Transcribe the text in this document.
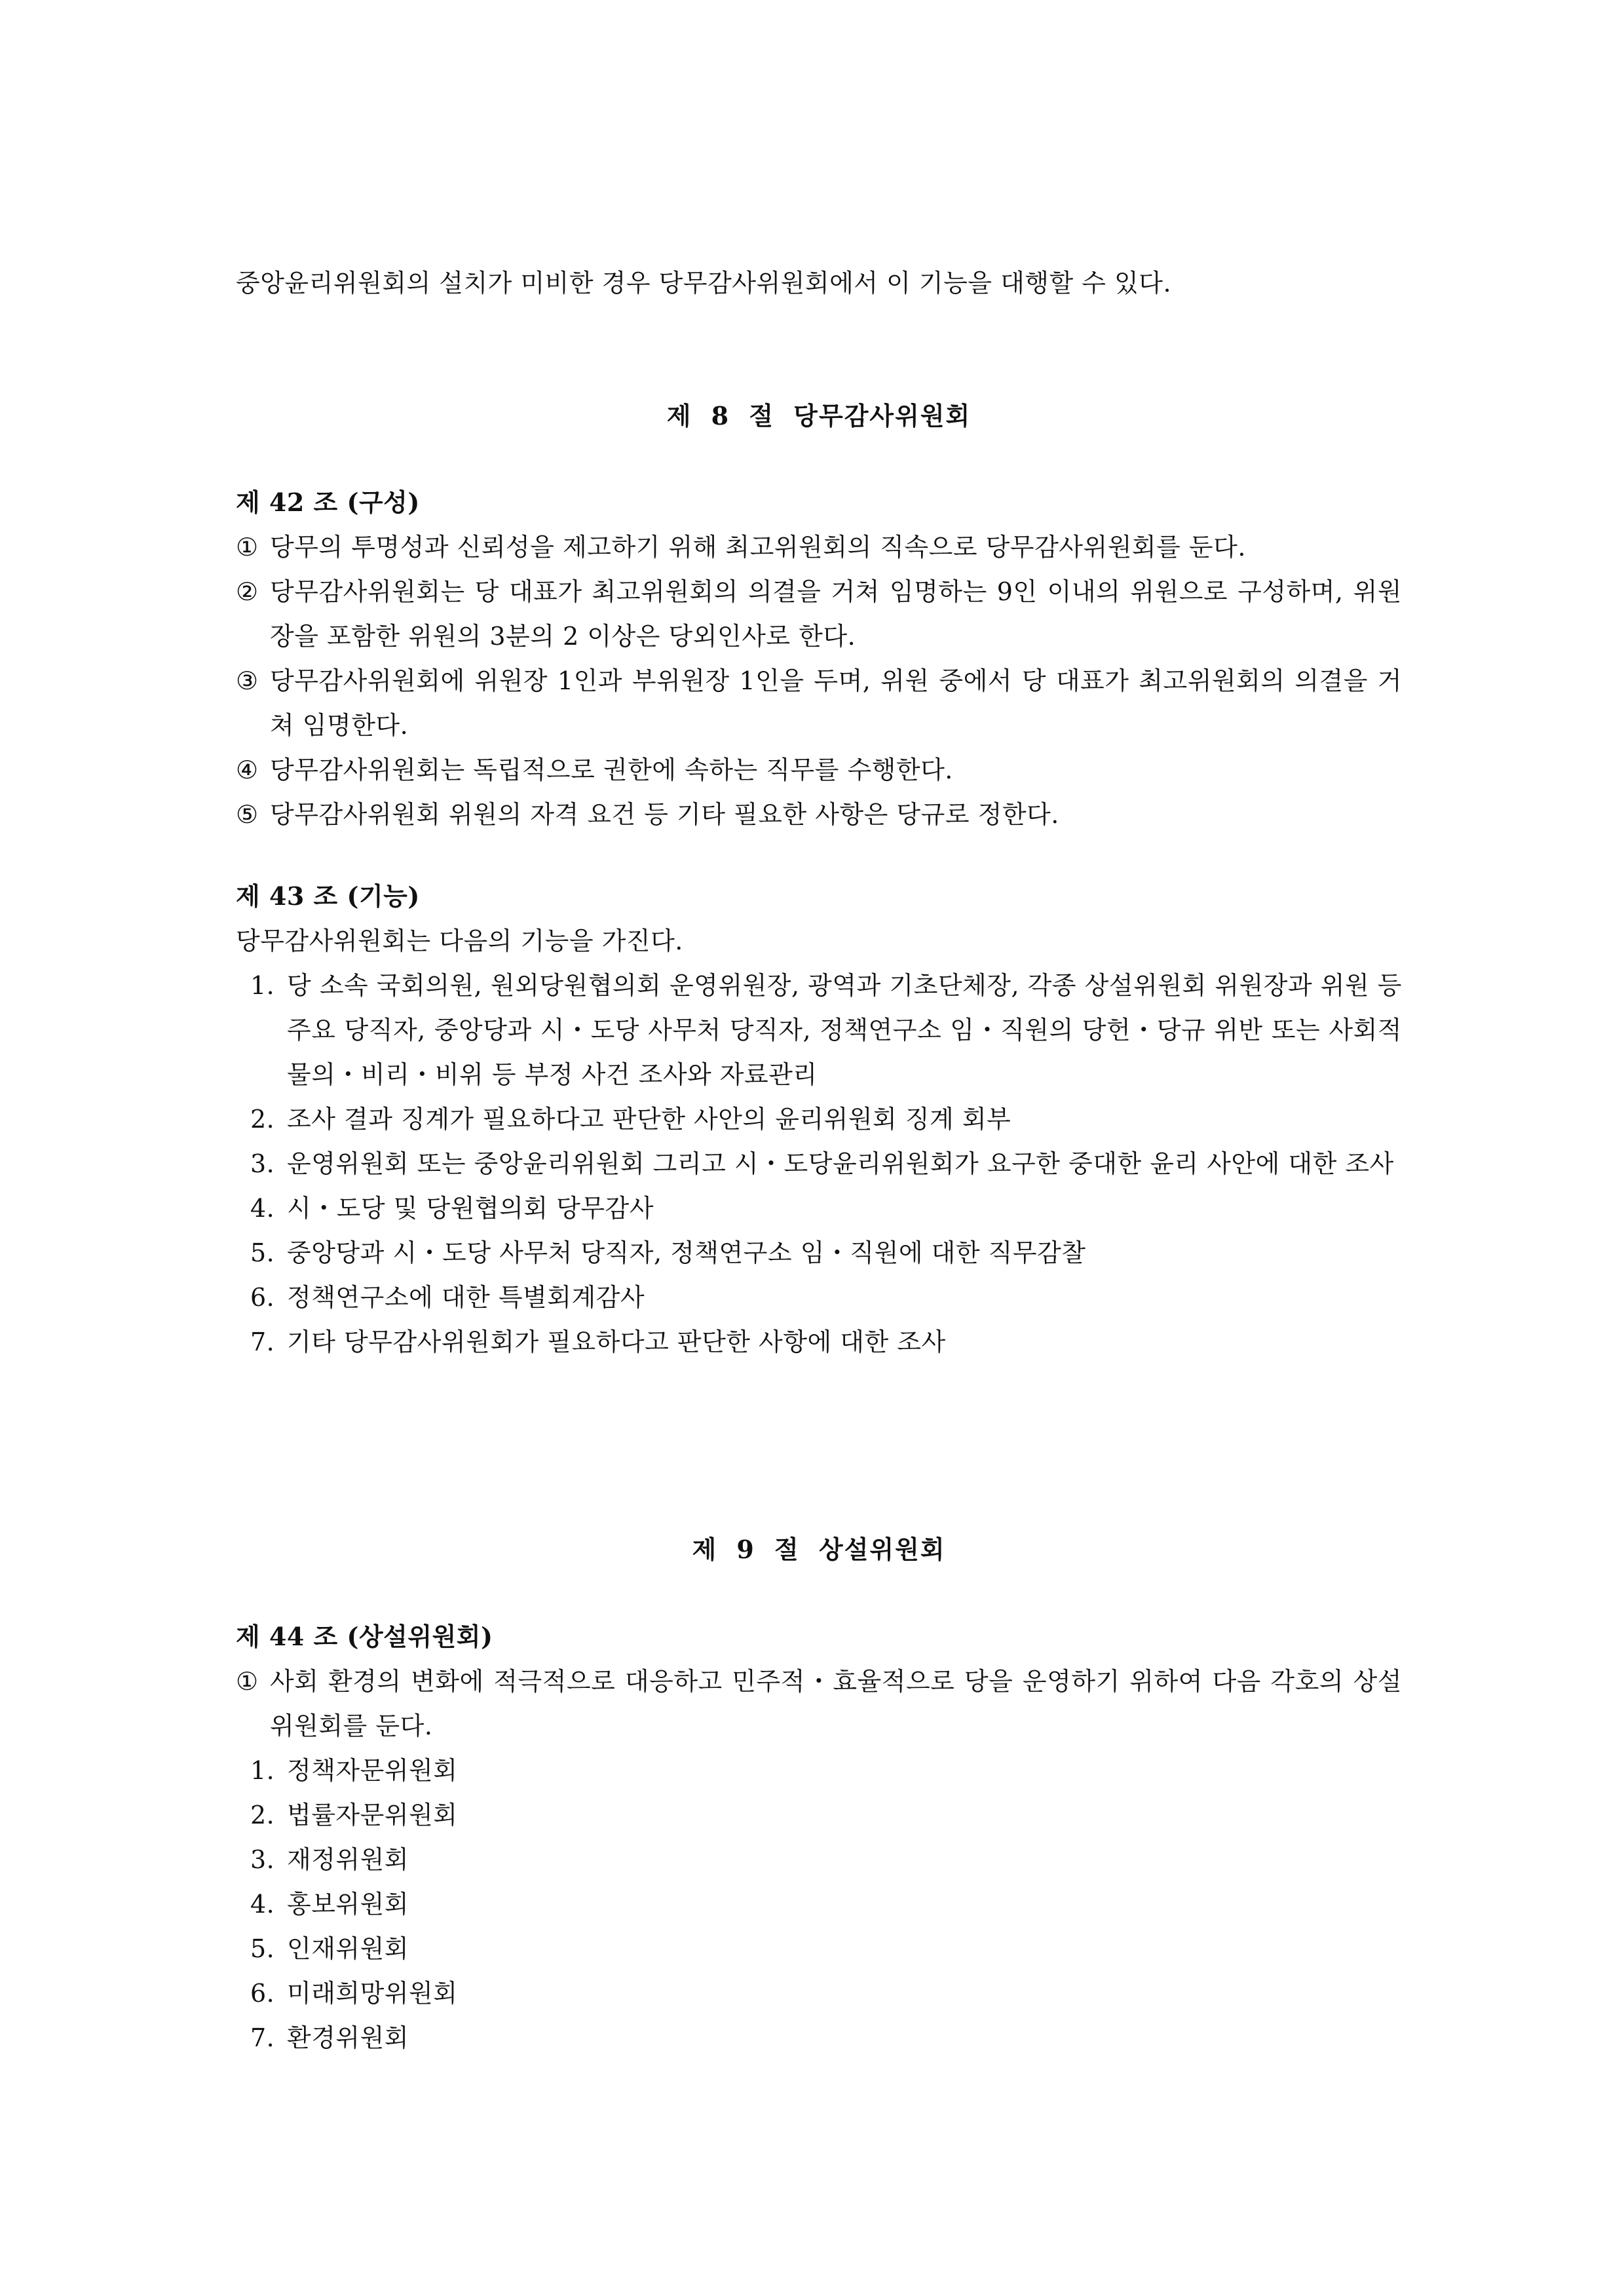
중앙윤리위원회의 설치가 미비한 경우 당무감사위원회에서 이 기능을 대행할 수 있다.
제 8 절 당무감사위원회
제 42 조 (구성)
① 당무의 투명성과 신뢰성을 제고하기 위해 최고위원회의 직속으로 당무감사위원회를 둔다.
② 당무감사위원회는 당 대표가 최고위원회의 의결을 거쳐 임명하는 9인 이내의 위원으로 구성하며, 위원장을 포함한 위원의 3분의 2 이상은 당외인사로 한다.
③ 당무감사위원회에 위원장 1인과 부위원장 1인을 두며, 위원 중에서 당 대표가 최고위원회의 의결을 거쳐 임명한다.
④ 당무감사위원회는 독립적으로 권한에 속하는 직무를 수행한다.
⑤ 당무감사위원회 위원의 자격 요건 등 기타 필요한 사항은 당규로 정한다.
제 43 조 (기능)
당무감사위원회는 다음의 기능을 가진다.
1. 당 소속 국회의원, 원외당원협의회 운영위원장, 광역과 기초단체장, 각종 상설위원회 위원장과 위원 등 주요 당직자, 중앙당과 시・도당 사무처 당직자, 정책연구소 임・직원의 당헌・당규 위반 또는 사회적 물의・비리・비위 등 부정 사건 조사와 자료관리
2. 조사 결과 징계가 필요하다고 판단한 사안의 윤리위원회 징계 회부
3. 운영위원회 또는 중앙윤리위원회 그리고 시・도당윤리위원회가 요구한 중대한 윤리 사안에 대한 조사
4. 시・도당 및 당원협의회 당무감사
5. 중앙당과 시・도당 사무처 당직자, 정책연구소 임・직원에 대한 직무감찰
6. 정책연구소에 대한 특별회계감사
7. 기타 당무감사위원회가 필요하다고 판단한 사항에 대한 조사
제 9 절 상설위원회
제 44 조 (상설위원회)
① 사회 환경의 변화에 적극적으로 대응하고 민주적・효율적으로 당을 운영하기 위하여 다음 각호의 상설위원회를 둔다.
1. 정책자문위원회
2. 법률자문위원회
3. 재정위원회
4. 홍보위원회
5. 인재위원회
6. 미래희망위원회
7. 환경위원회
